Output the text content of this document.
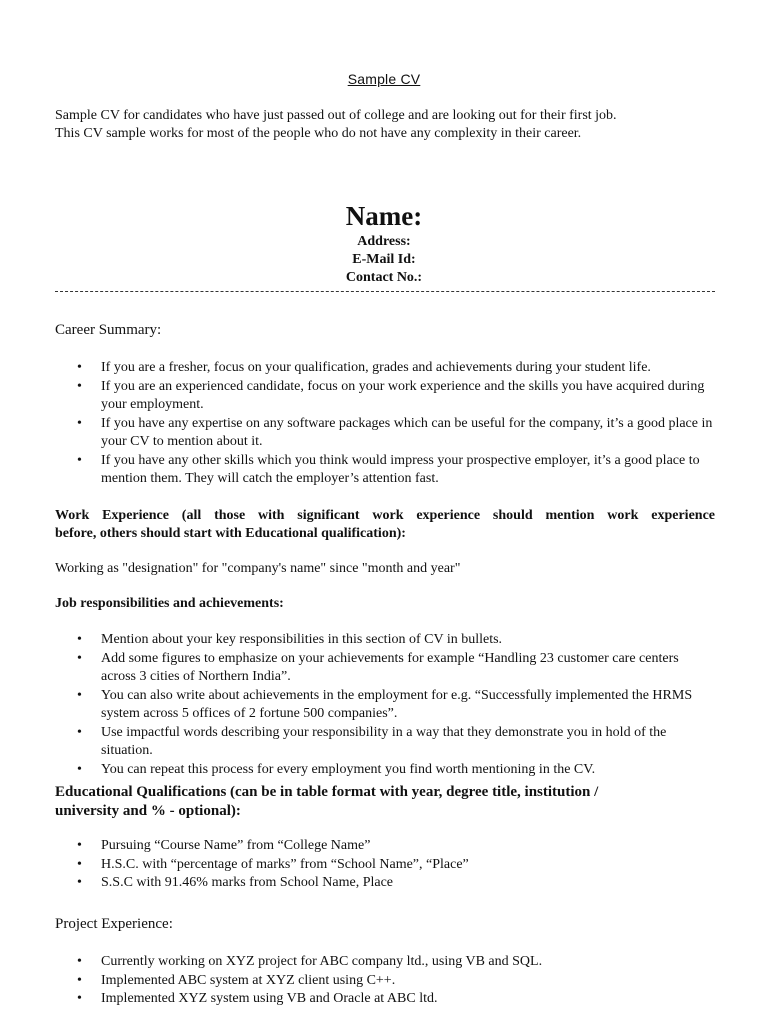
Sample CV
Sample CV for candidates who have just passed out of college and are looking out for their first job.
This CV sample works for most of the people who do not have any complexity in their career.
Name:
Address:
E-Mail Id:
Contact No.:
Career Summary:
• If you are a fresher, focus on your qualification, grades and achievements during your student life.
• If you are an experienced candidate, focus on your work experience and the skills you have acquired during your employment.
• If you have any expertise on any software packages which can be useful for the company, it’s a good place in your CV to mention about it.
• If you have any other skills which you think would impress your prospective employer, it’s a good place to mention them. They will catch the employer’s attention fast.
Work Experience (all those with significant work experience should mention work experience
before, others should start with Educational qualification):
Working as "designation" for "company's name" since "month and year"
Job responsibilities and achievements:
• Mention about your key responsibilities in this section of CV in bullets.
• Add some figures to emphasize on your achievements for example “Handling 23 customer care centers across 3 cities of Northern India”.
• You can also write about achievements in the employment for e.g. “Successfully implemented the HRMS system across 5 offices of 2 fortune 500 companies”.
• Use impactful words describing your responsibility in a way that they demonstrate you in hold of the situation.
• You can repeat this process for every employment you find worth mentioning in the CV.
Educational Qualifications (can be in table format with year, degree title, institution /
university and % - optional):
• Pursuing “Course Name” from “College Name”
• H.S.C. with “percentage of marks” from “School Name”, “Place”
• S.S.C with 91.46% marks from School Name, Place
Project Experience:
• Currently working on XYZ project for ABC company ltd., using VB and SQL.
• Implemented ABC system at XYZ client using C++.
• Implemented XYZ system using VB and Oracle at ABC ltd.
